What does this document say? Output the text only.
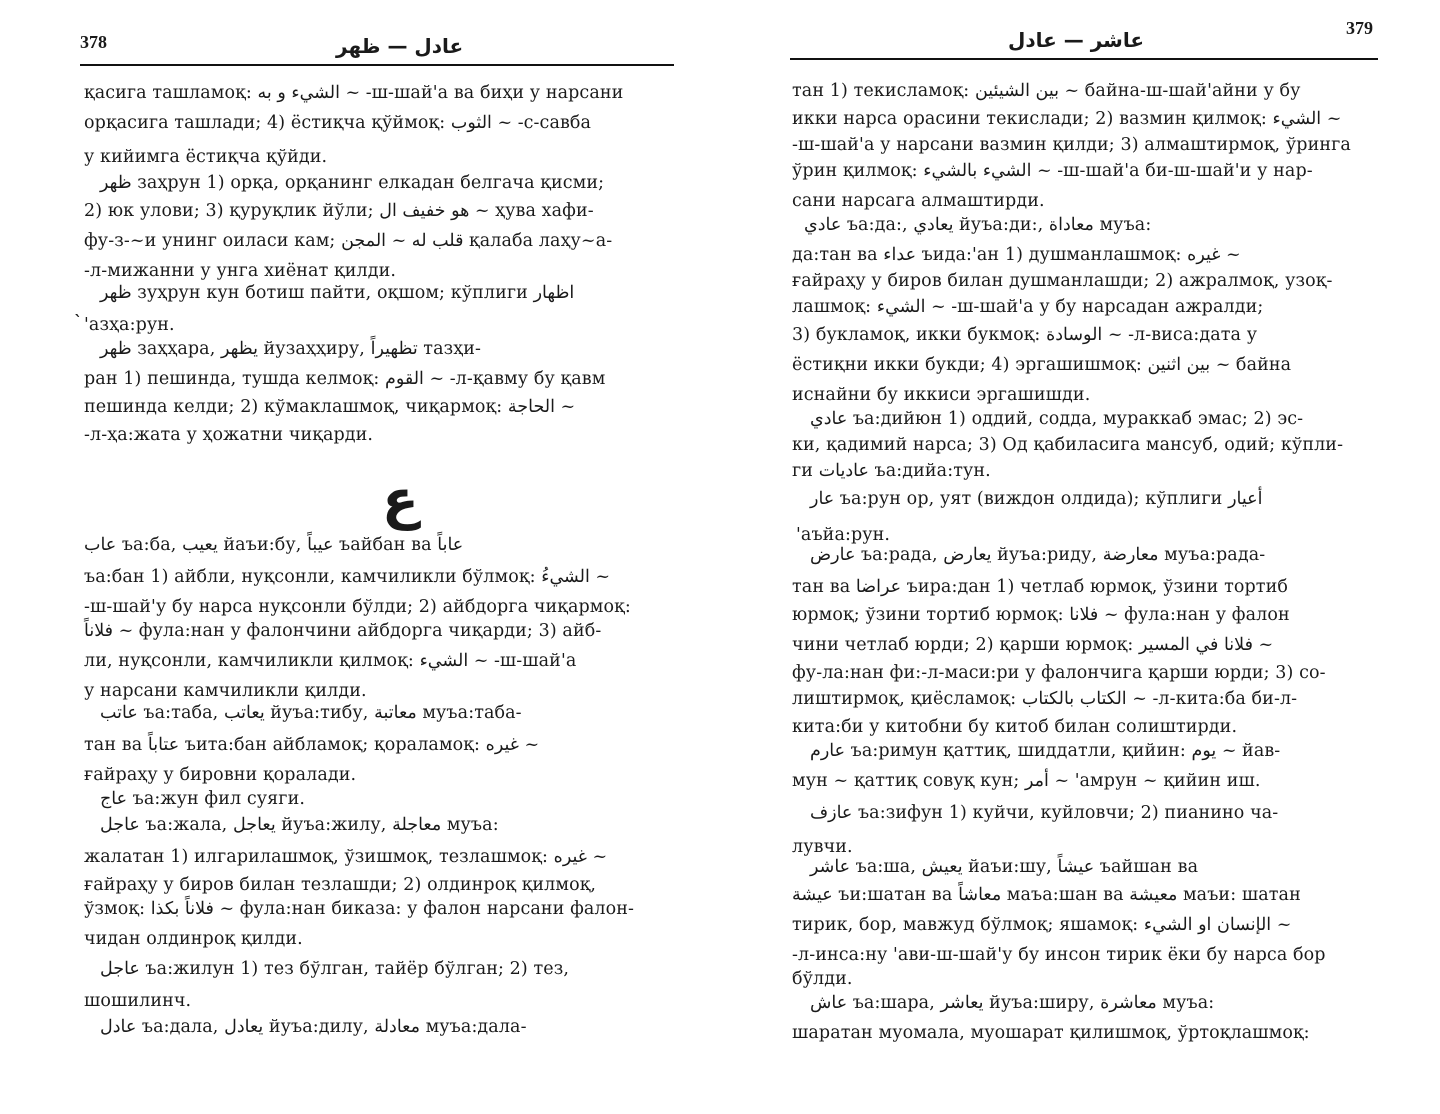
378	عادل — ظهر
қасига ташламоқ: الشيء و به ~ -ш-шай'а ва биҳи у нарсани
орқасига ташлади; 4) ёстиқча қўймоқ: الثوب ~ -с-савба
у кийимга ёстиқча қўйди.
ظهر заҳрун 1) орқа, орқанинг елкадан белгача қисми;
2) юк улови; 3) қуруқлик йўли; هو خفيف ال ~ ҳува хафи-
фу-з-~и унинг оиласи кам; قلب له ~ المجن қалаба лаҳу~а-
-л-мижанни у унга хиёнат қилди.
ظهر зуҳрун кун ботиш пайти, оқшом; кўплиги اظهار
` 'азҳа:рун.
ظهر заҳҳара, يظهر йузаҳҳиру, تظهيراً тазҳи-
ран 1) пешинда, тушда келмоқ: القوم ~ -л-қавму бу қавм
пешинда келди; 2) кўмаклашмоқ, чиқармоқ: الحاجة ~
-л-ҳа:жата у ҳожатни чиқарди.
ع
عاب ъа:ба, يعيب йаъи:бу, عيباً ъайбан ва عاباً
ъа:бан 1) айбли, нуқсонли, камчиликли бўлмоқ: الشيءُ ~
-ш-шай'у бу нарса нуқсонли бўлди; 2) айбдорга чиқармоқ:
فلاناً ~ фула:нан у фалончини айбдорга чиқарди; 3) айб-
ли, нуқсонли, камчиликли қилмоқ: الشيء ~ -ш-шай'а
у нарсани камчиликли қилди.
عاتب ъа:таба, يعاتب йуъа:тибу, معاتبة муъа:таба-
тан ва عتاباً ъита:бан айбламоқ; қораламоқ: غيره ~
ғайраҳу у бировни қоралади.
عاج ъа:жун фил суяги.
عاجل ъа:жала, يعاجل йуъа:жилу, معاجلة муъа:
жалатан 1) илгарилашмоқ, ўзишмоқ, тезлашмоқ: غيره ~
ғайраҳу у биров билан тезлашди; 2) олдинроқ қилмоқ,
ўзмоқ: فلاناً بكذا ~ фула:нан биказа: у фалон нарсани фалон-
чидан олдинроқ қилди.
عاجل ъа:жилун 1) тез бўлган, тайёр бўлган; 2) тез,
шошилинч.
عادل ъа:дала, يعادل йуъа:дилу, معادلة муъа:дала-
عاشر — عادل	379
тан 1) текисламоқ: بين الشيئين ~ байна-ш-шай'айни у бу
икки нарса орасини текислади; 2) вазмин қилмоқ: الشيء ~
-ш-шай'а у нарсани вазмин қилди; 3) алмаштирмоқ, ўринга
ўрин қилмоқ: الشيء بالشيء ~ -ш-шай'а би-ш-шай'и у нар-
сани нарсага алмаштирди.
عادي ъа:да:, يعادي йуъа:ди:, معاداة муъа:
да:тан ва عداء ъида:'ан 1) душманлашмоқ: غيره ~
ғайраҳу у биров билан душманлашди; 2) ажралмоқ, узоқ-
лашмоқ: الشيء ~ -ш-шай'а у бу нарсадан ажралди;
3) букламоқ, икки букмоқ: الوسادة ~ -л-виса:дата у
ёстиқни икки букди; 4) эргашишмоқ: بين اثنين ~ байна
иснайни бу иккиси эргашишди.
عادي ъа:дийюн 1) оддий, содда, мураккаб эмас; 2) эс-
ки, қадимий нарса; 3) Од қабиласига мансуб, одий; кўпли-
ги عاديات ъа:дийа:тун.
عار ъа:рун ор, уят (виждон олдида); кўплиги أعيار
'аъйа:рун.
عارض ъа:рада, يعارض йуъа:риду, معارضة муъа:рада-
тан ва عراضا ъира:дан 1) четлаб юрмоқ, ўзини тортиб
юрмоқ; ўзини тортиб юрмоқ: فلانا ~ фула:нан у фалон
чини четлаб юрди; 2) қарши юрмоқ: فلانا في المسير ~
фу-ла:нан фи:-л-маси:ри у фалончига қарши юрди; 3) со-
лиштирмоқ, қиёсламоқ: الكتاب بالكتاب ~ -л-кита:ба би-л-
кита:би у китобни бу китоб билан солиштирди.
عارم ъа:римун қаттиқ, шиддатли, қийин: يوم ~ йав-
мун ~ қаттиқ совуқ кун; أمر ~ 'амрун ~ қийин иш.
عازف ъа:зифун 1) куйчи, куйловчи; 2) пианино ча-
лувчи.
عاشر ъа:ша, يعيش йаъи:шу, عيشاً ъайшан ва
عيشة ъи:шатан ва معاشاً маъа:шан ва معيشة маъи: шатан
тирик, бор, мавжуд бўлмоқ; яшамоқ: الإنسان او الشيء ~
-л-инса:ну 'ави-ш-шай'у бу инсон тирик ёки бу нарса бор
бўлди.
عاش ъа:шара, يعاشر йуъа:ширу, معاشرة муъа:
шаратан муомала, муошарат қилишмоқ, ўртоқлашмоқ:
